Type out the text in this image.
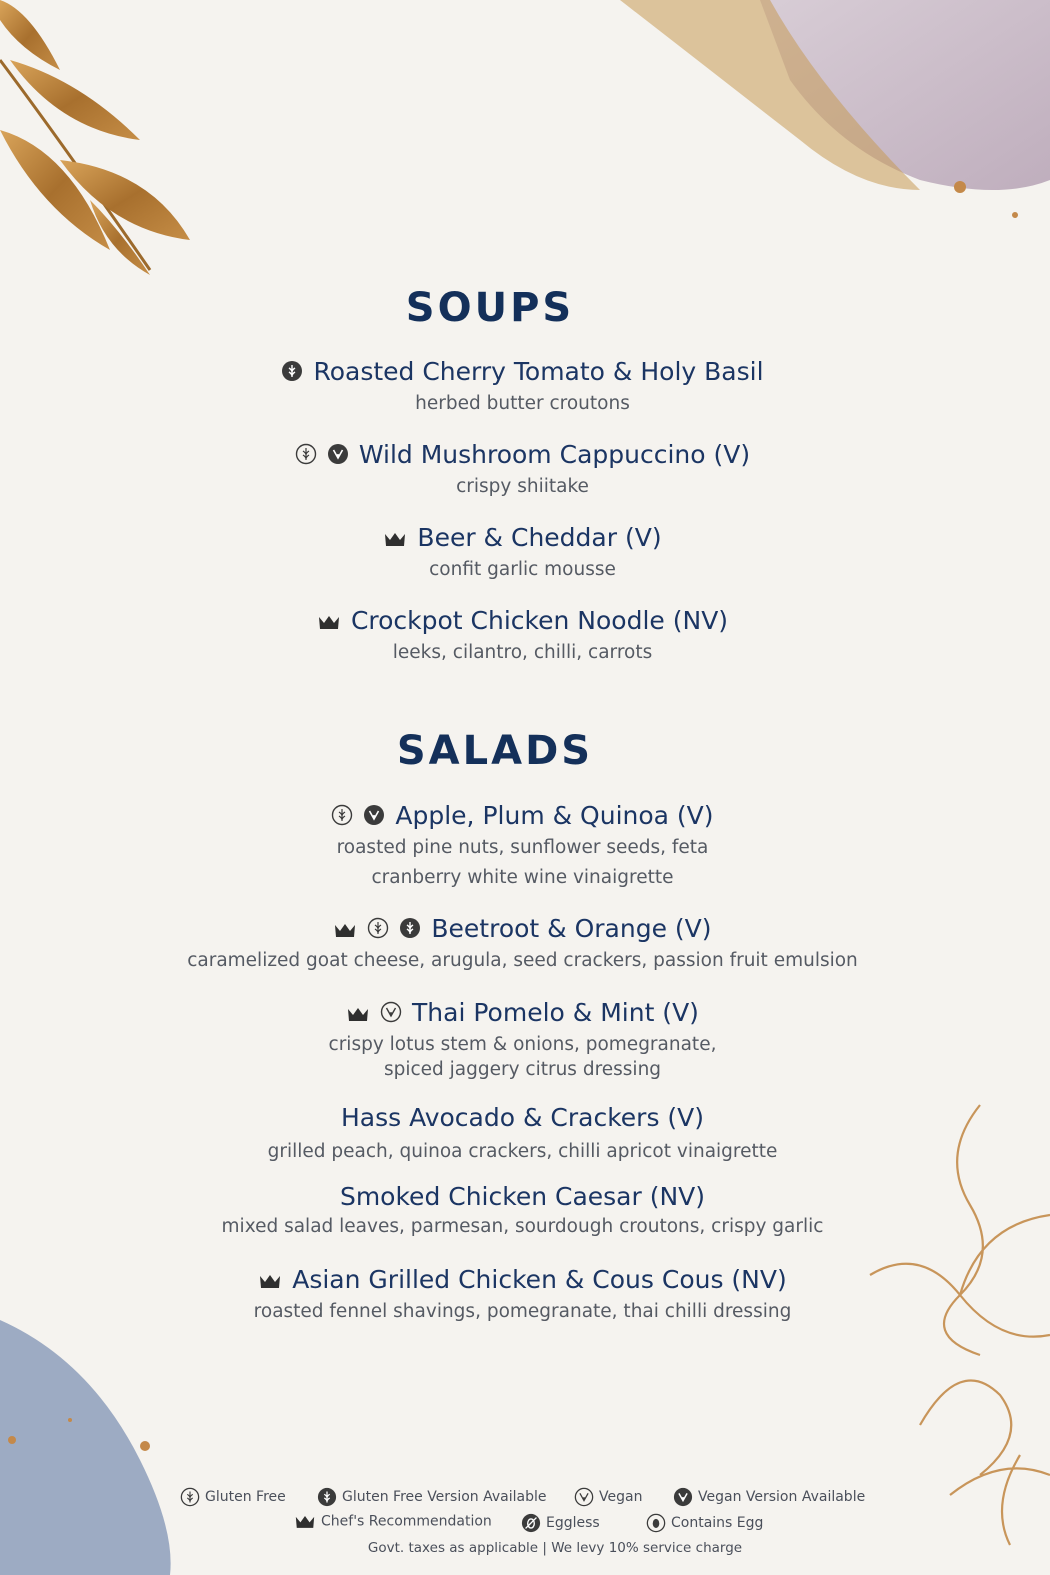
SOUPS
Roasted Cherry Tomato & Holy Basil
herbed butter croutons
Wild Mushroom Cappuccino (V)
crispy shiitake
Beer & Cheddar (V)
confit garlic mousse
Crockpot Chicken Noodle (NV)
leeks, cilantro, chilli, carrots
SALADS
Apple, Plum & Quinoa (V)
roasted pine nuts, sunflower seeds, feta
cranberry white wine vinaigrette
Beetroot & Orange (V)
caramelized goat cheese, arugula, seed crackers, passion fruit emulsion
Thai Pomelo & Mint (V)
crispy lotus stem & onions, pomegranate,
spiced jaggery citrus dressing
Hass Avocado & Crackers (V)
grilled peach, quinoa crackers, chilli apricot vinaigrette
Smoked Chicken Caesar (NV)
mixed salad leaves, parmesan, sourdough croutons, crispy garlic
Asian Grilled Chicken & Cous Cous (NV)
roasted fennel shavings, pomegranate, thai chilli dressing
Gluten Free	Gluten Free Version Available	Vegan	Vegan Version Available
Chef's Recommendation	Eggless	Contains Egg
Govt. taxes as applicable | We levy 10% service charge
